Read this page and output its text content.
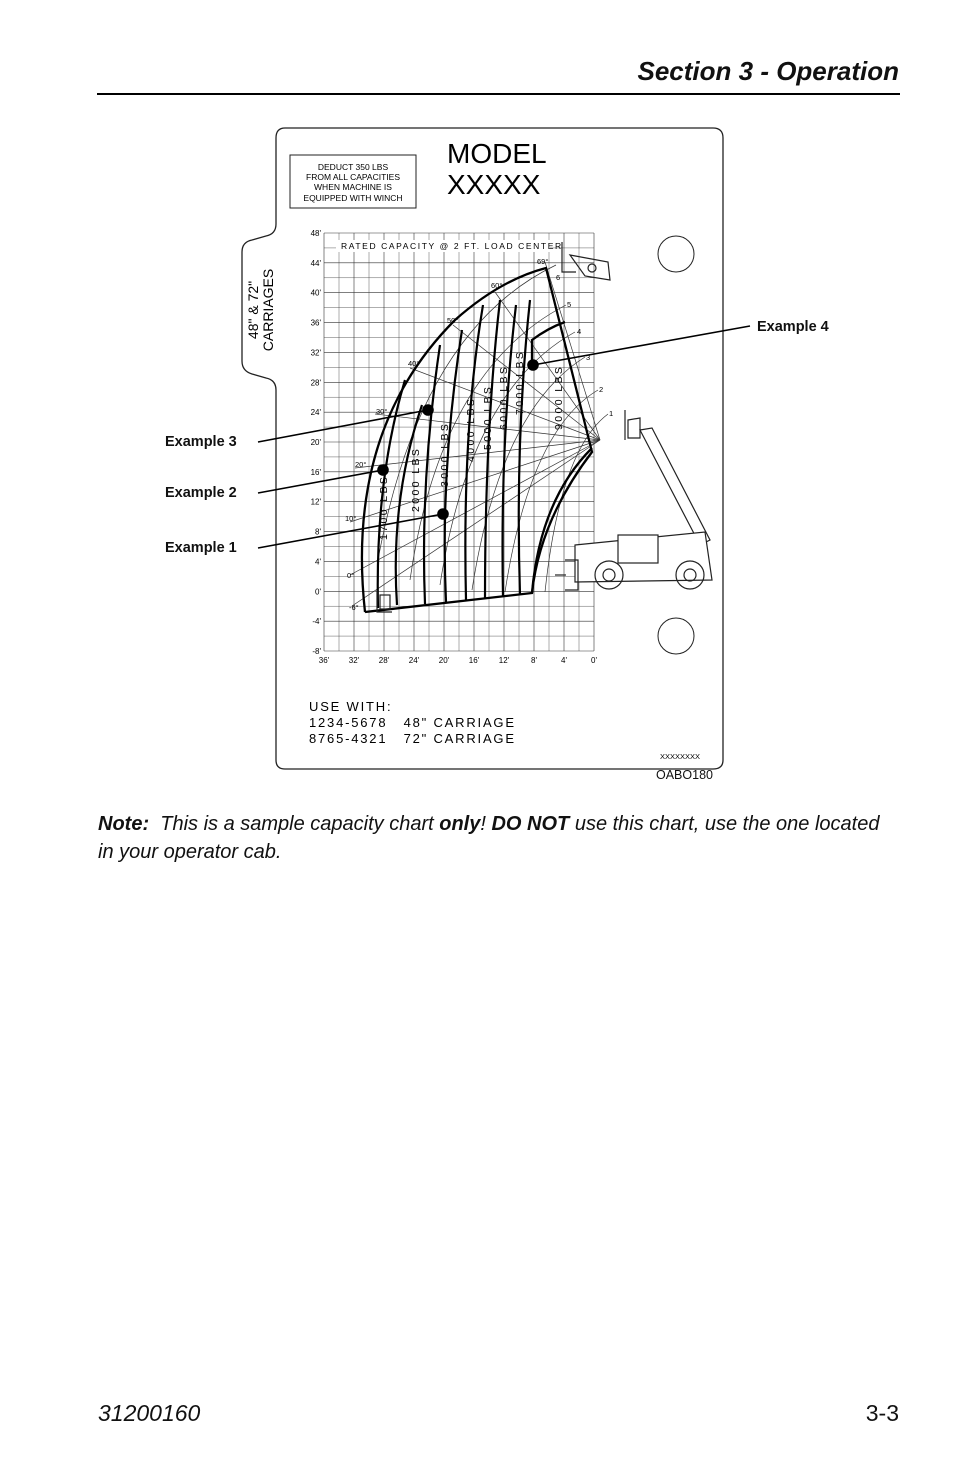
Section 3 - Operation
DEDUCT 350 LBS
FROM ALL CAPACITIES
WHEN MACHINE IS
EQUIPPED WITH WINCH
MODEL
XXXXX
48" & 72" CARRIAGES
48'
44'
40'
36'
32'
28'
24'
20'
16'
12'
8'
4'
0'
-4'
-8'
36' 32' 28' 24' 20' 16' 12'	8'	4'	0'
RATED CAPACITY @ 2 FT. LOAD CENTER
69°
60°
50°
40°
30°
20°
10°
0°
-6°
6
5
4
3
2
1
1700 LBS 2000 LBS 3000 LBS 4000 LBS 5000 LBS 6000 LBS 7000 LBS	9000 LBS
USE WITH:
1234-5678   48" CARRIAGE
8765-4321   72" CARRIAGE
XXXXXXXX
Example 3
Example 2
Example 1
Example 4
OABO180
Note: This is a sample capacity chart only! DO NOT use this chart, use the one located in your operator cab.
31200160	3-3
